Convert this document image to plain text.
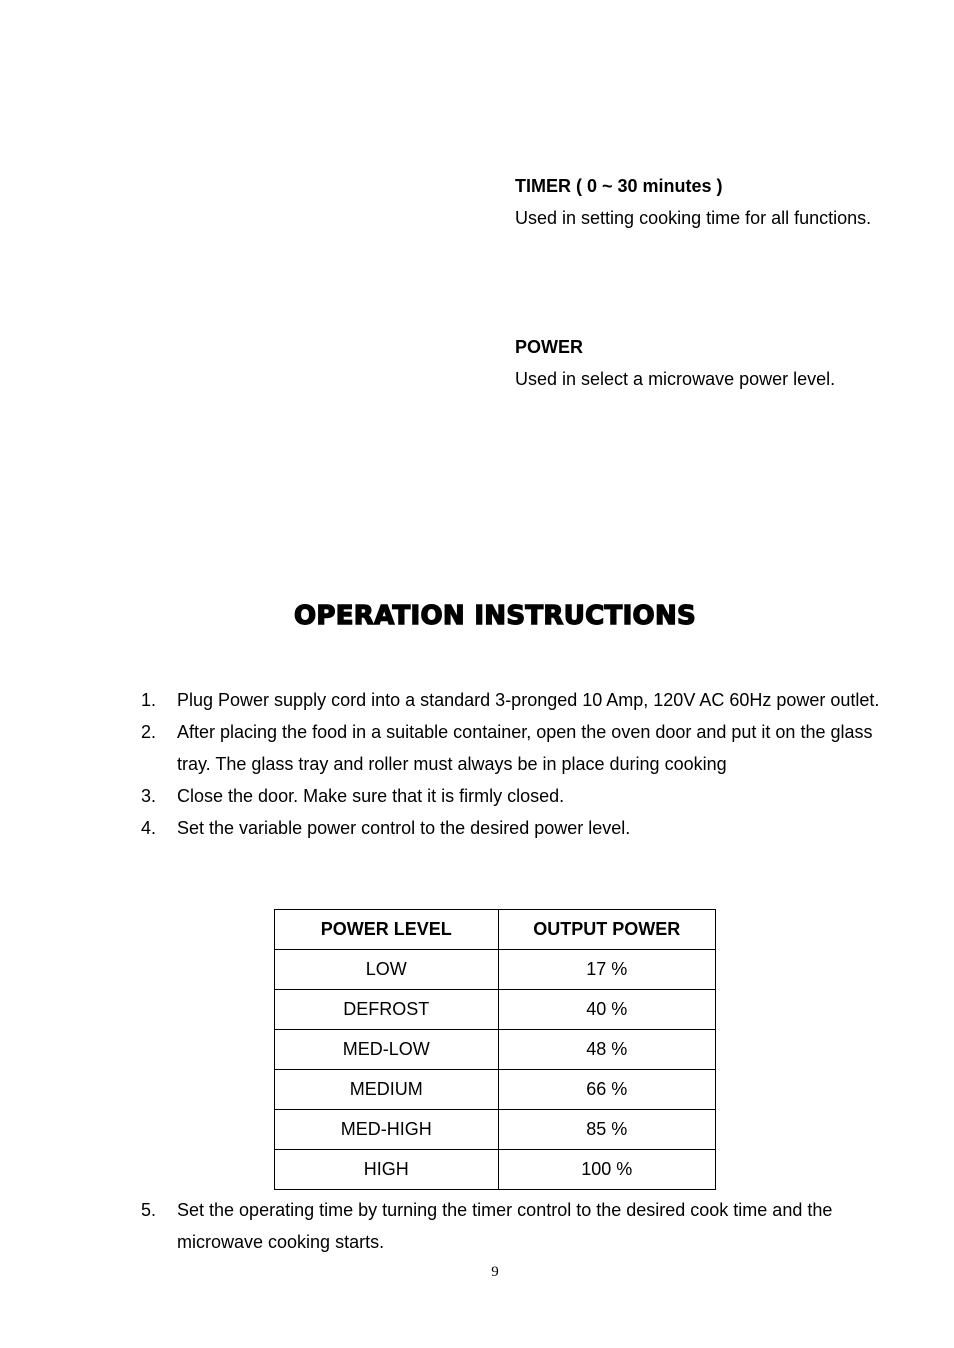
TIMER ( 0 ~ 30 minutes )
Used in setting cooking time for all functions.
POWER
Used in select a microwave power level.
OPERATION INSTRUCTIONS
1.	Plug Power supply cord into a standard 3-pronged 10 Amp, 120V AC 60Hz power outlet.
2.	After placing the food in a suitable container, open the oven door and put it on the glass tray. The glass tray and roller must always be in place during cooking
3.	Close the door. Make sure that it is firmly closed.
4.	Set the variable power control to the desired power level.
POWER LEVEL	OUTPUT POWER
LOW	17 %
DEFROST	40 %
MED-LOW	48 %
MEDIUM	66 %
MED-HIGH	85 %
HIGH	100 %
5.	Set the operating time by turning the timer control to the desired cook time and the microwave cooking starts.
9
